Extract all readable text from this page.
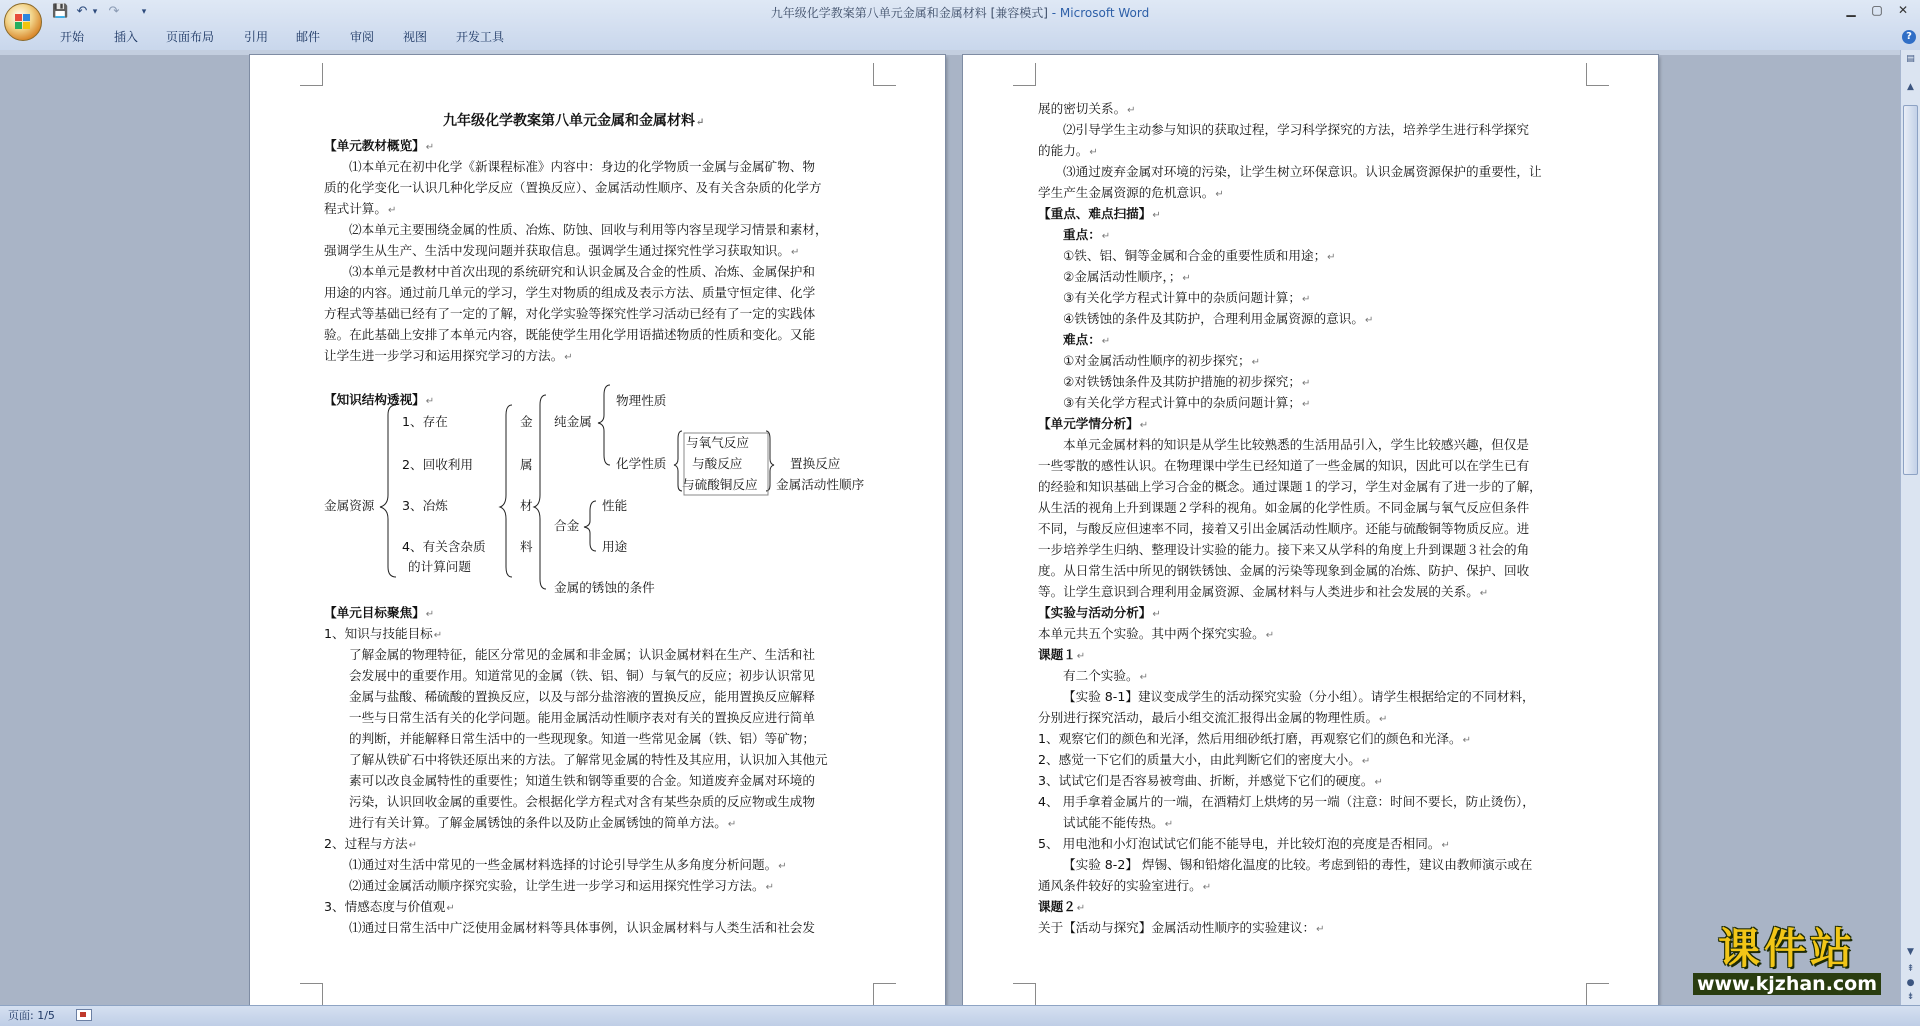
💾 ↶ ▾ ↷	▾	九年级化学教案第八单元金属和金属材料 [兼容模式] - Microsoft Word	▁	▢	✕
开始 插入 页面布局 引用 邮件 审阅 视图 开发工具	?
九年级化学教案第八单元金属和金属材料↵
【单元教材概览】↵
⑴本单元在初中化学《新课程标准》内容中：身边的化学物质一金属与金属矿物、物
质的化学变化一认识几种化学反应（置换反应）、金属活动性顺序、及有关含杂质的化学方
程式计算。↵
⑵本单元主要围绕金属的性质、冶炼、防蚀、回收与利用等内容呈现学习情景和素材，
强调学生从生产、生活中发现问题并获取信息。强调学生通过探究性学习获取知识。↵
⑶本单元是教材中首次出现的系统研究和认识金属及合金的性质、冶炼、金属保护和
用途的内容。通过前几单元的学习，学生对物质的组成及表示方法、质量守恒定律、化学
方程式等基础已经有了一定的了解，对化学实验等探究性学习活动已经有了一定的实践体
验。在此基础上安排了本单元内容，既能使学生用化学用语描述物质的性质和变化。又能
让学生进一步学习和运用探究学习的方法。↵
【知识结构透视】↵
金属资源
1、存在
2、回收利用
3、冶炼
4、有关含杂质
的计算问题
金
属
材
料
纯金属
物理性质
化学性质
与氧气反应
与酸反应
与硫酸铜反应
置换反应
金属活动性顺序
合金
性能
用途
金属的锈蚀的条件
【单元目标聚焦】↵
1、知识与技能目标↵
了解金属的物理特征，能区分常见的金属和非金属；认识金属材料在生产、生活和社
会发展中的重要作用。知道常见的金属（铁、铝、铜）与氧气的反应；初步认识常见
金属与盐酸、稀硫酸的置换反应，以及与部分盐溶液的置换反应，能用置换反应解释
一些与日常生活有关的化学问题。能用金属活动性顺序表对有关的置换反应进行简单
的判断，并能解释日常生活中的一些现现象。知道一些常见金属（铁、铝）等矿物；
了解从铁矿石中将铁还原出来的方法。了解常见金属的特性及其应用，认识加入其他元
素可以改良金属特性的重要性；知道生铁和钢等重要的合金。知道废弃金属对环境的
污染，认识回收金属的重要性。会根据化学方程式对含有某些杂质的反应物或生成物
进行有关计算。了解金属锈蚀的条件以及防止金属锈蚀的简单方法。↵
2、过程与方法↵
⑴通过对生活中常见的一些金属材料选择的讨论引导学生从多角度分析问题。↵
⑵通过金属活动顺序探究实验，让学生进一步学习和运用探究性学习方法。↵
3、情感态度与价值观↵
⑴通过日常生活中广泛使用金属材料等具体事例，认识金属材料与人类生活和社会发
展的密切关系。↵
⑵引导学生主动参与知识的获取过程，学习科学探究的方法，培养学生进行科学探究
的能力。↵
⑶通过废弃金属对环境的污染，让学生树立环保意识。认识金属资源保护的重要性，让
学生产生金属资源的危机意识。↵
【重点、难点扫描】↵
重点：↵
①铁、铝、铜等金属和合金的重要性质和用途；↵
②金属活动性顺序，；↵
③有关化学方程式计算中的杂质问题计算；↵
④铁锈蚀的条件及其防护，合理利用金属资源的意识。↵
难点：↵
①对金属活动性顺序的初步探究；↵
②对铁锈蚀条件及其防护措施的初步探究；↵
③有关化学方程式计算中的杂质问题计算；↵
【单元学情分析】↵
本单元金属材料的知识是从学生比较熟悉的生活用品引入，学生比较感兴趣，但仅是
一些零散的感性认识。在物理课中学生已经知道了一些金属的知识，因此可以在学生已有
的经验和知识基础上学习合金的概念。通过课题１的学习，学生对金属有了进一步的了解，
从生活的视角上升到课题２学科的视角。如金属的化学性质。不同金属与氧气反应但条件
不同，与酸反应但速率不同，接着又引出金属活动性顺序。还能与硫酸铜等物质反应。进
一步培养学生归纳、整理设计实验的能力。接下来又从学科的角度上升到课题３社会的角
度。从日常生活中所见的钢铁锈蚀、金属的污染等现象到金属的冶炼、防护、保护、回收
等。让学生意识到合理利用金属资源、金属材料与人类进步和社会发展的关系。↵
【实验与活动分析】↵
本单元共五个实验。其中两个探究实验。↵
课题１↵
有二个实验。↵
【实验 8-1】建议变成学生的活动探究实验（分小组）。请学生根据给定的不同材料，
分别进行探究活动，最后小组交流汇报得出金属的物理性质。↵
1、观察它们的颜色和光泽，然后用细砂纸打磨，再观察它们的颜色和光泽。↵
2、感觉一下它们的质量大小，由此判断它们的密度大小。↵
3、试试它们是否容易被弯曲、折断，并感觉下它们的硬度。↵
4、 用手拿着金属片的一端，在酒精灯上烘烤的另一端（注意：时间不要长，防止烫伤），
试试能不能传热。↵
5、 用电池和小灯泡试试它们能不能导电，并比较灯泡的亮度是否相同。↵
【实验 8-2】 焊锡、锡和铅熔化温度的比较。考虑到铅的毒性，建议由教师演示或在
通风条件较好的实验室进行。↵
课题２↵
关于【活动与探究】金属活动性顺序的实验建议：↵
▤
▲
▼
⇞
●
⇟
页面: 1/5
课件站
www.kjzhan.com
